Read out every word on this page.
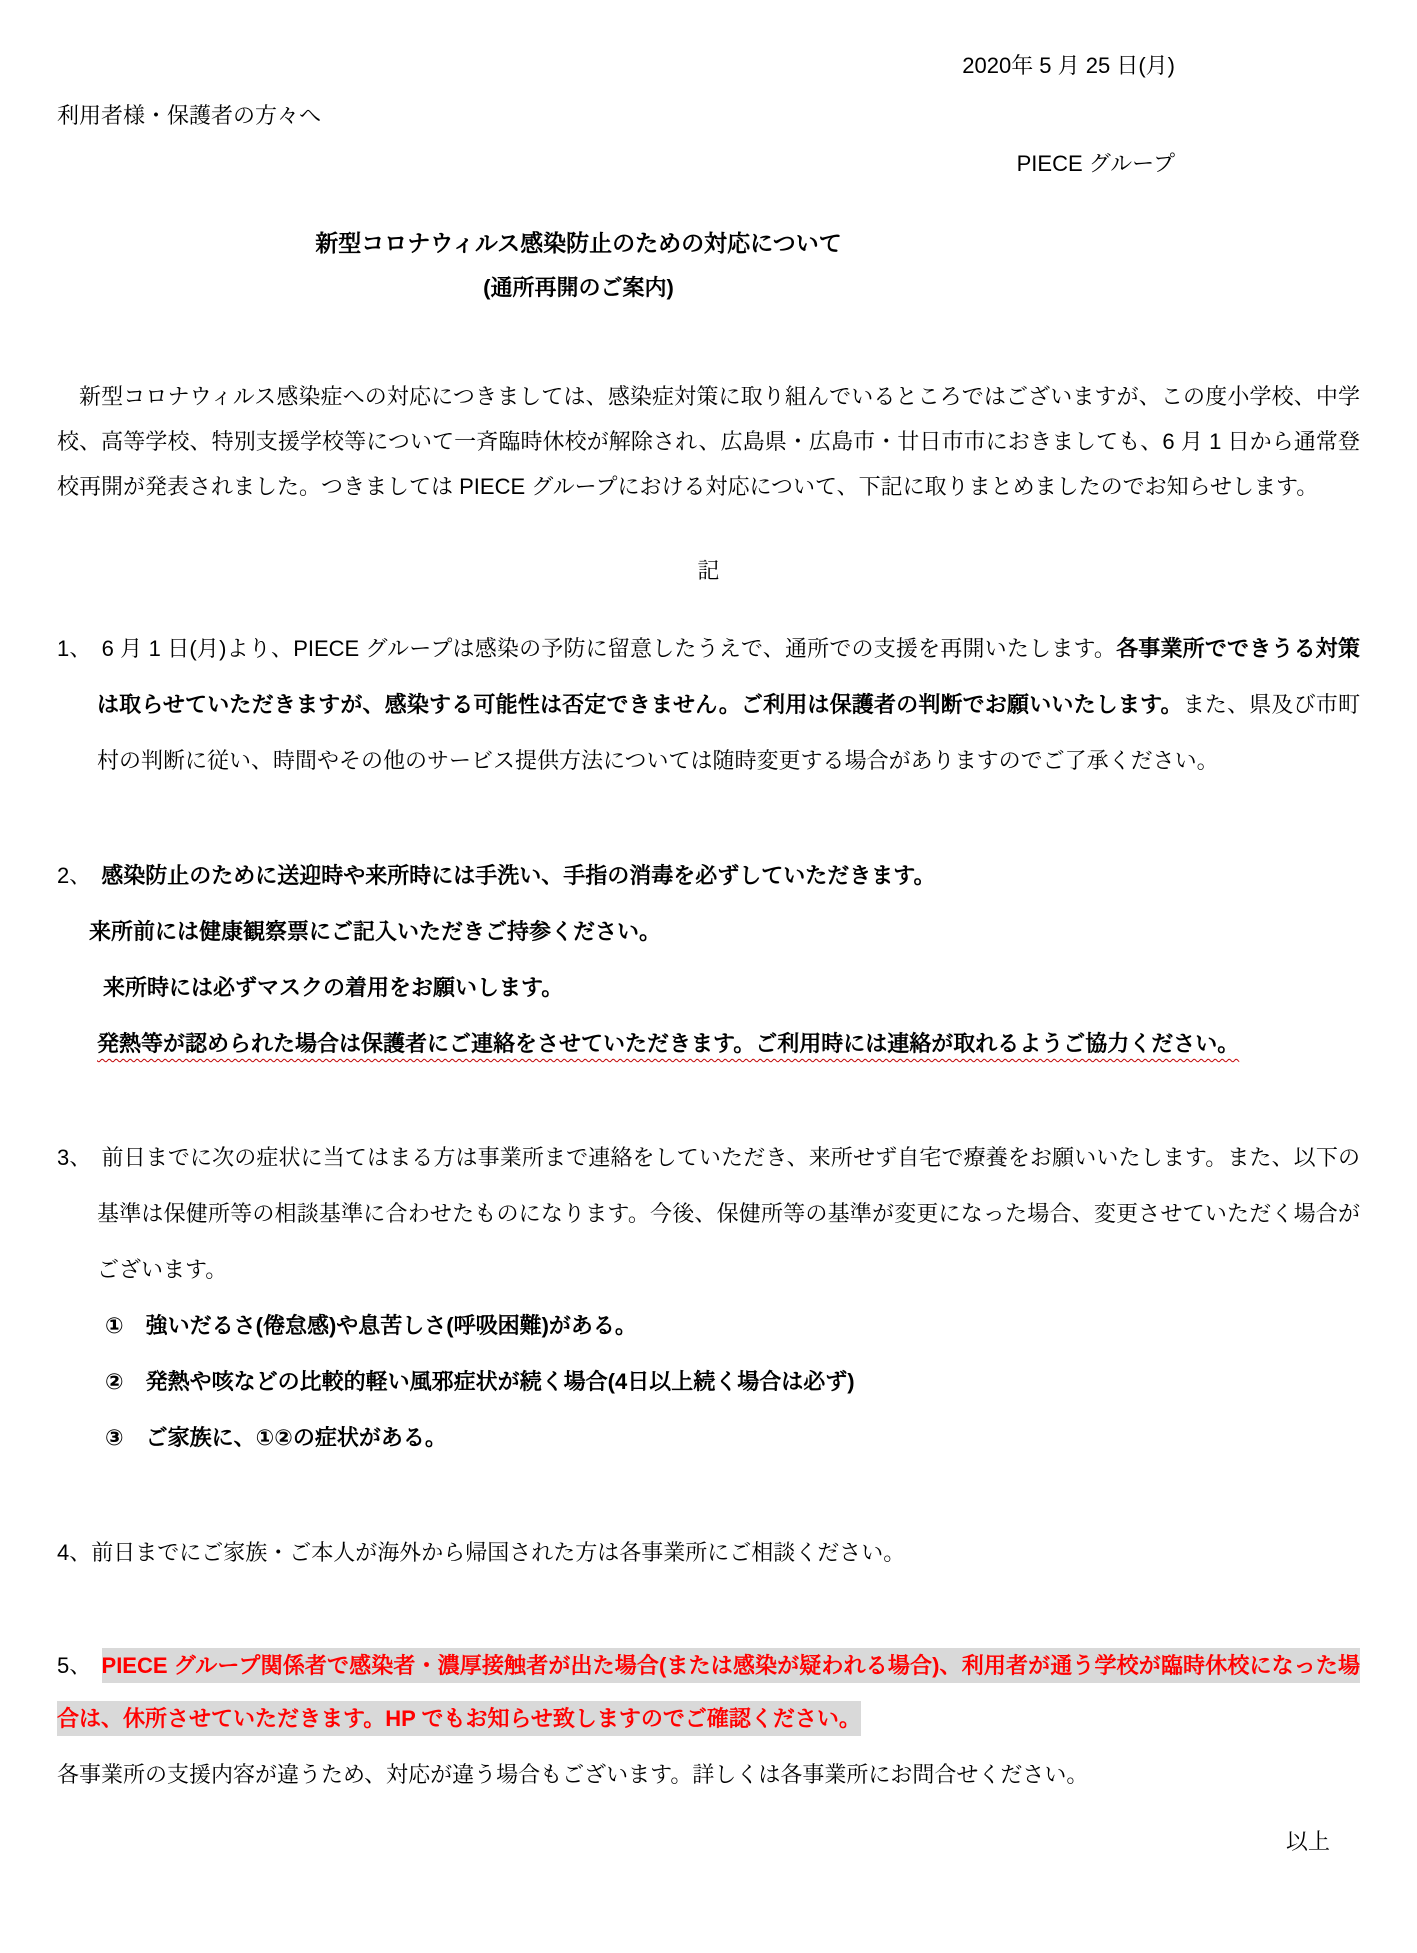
2020年 5 月 25 日(月)
利用者様・保護者の方々へ
PIECE グループ
新型コロナウィルス感染防止のための対応について
(通所再開のご案内)

新型コロナウィルス感染症への対応につきましては、感染症対策に取り組んでいるところではございますが、この度小学校、中学校、高等学校、特別支援学校等について一斉臨時休校が解除され、広島県・広島市・廿日市市におきましても、6 月 1 日から通常登校再開が発表されました。つきましては PIECE グループにおける対応について、下記に取りまとめましたのでお知らせします。

記

1、 6 月 1 日(月)より、PIECE グループは感染の予防に留意したうえで、通所での支援を再開いたします。各事業所でできうる対策は取らせていただきますが、感染する可能性は否定できません。ご利用は保護者の判断でお願いいたします。また、県及び市町村の判断に従い、時間やその他のサービス提供方法については随時変更する場合がありますのでご了承ください。

2、 感染防止のために送迎時や来所時には手洗い、手指の消毒を必ずしていただきます。
来所前には健康観察票にご記入いただきご持参ください。
来所時には必ずマスクの着用をお願いします。
発熱等が認められた場合は保護者にご連絡をさせていただきます。ご利用時には連絡が取れるようご協力ください。

3、 前日までに次の症状に当てはまる方は事業所まで連絡をしていただき、来所せず自宅で療養をお願いいたします。また、以下の基準は保健所等の相談基準に合わせたものになります。今後、保健所等の基準が変更になった場合、変更させていただく場合がございます。

①　強いだるさ(倦怠感)や息苦しさ(呼吸困難)がある。
②　発熱や咳などの比較的軽い風邪症状が続く場合(4日以上続く場合は必ず)
③　ご家族に、①②の症状がある。

4、前日までにご家族・ご本人が海外から帰国された方は各事業所にご相談ください。

5、 PIECE グループ関係者で感染者・濃厚接触者が出た場合(または感染が疑われる場合)、利用者が通う学校が臨時休校になった場合は、休所させていただきます。HP でもお知らせ致しますのでご確認ください。

各事業所の支援内容が違うため、対応が違う場合もございます。詳しくは各事業所にお問合せください。
以上
